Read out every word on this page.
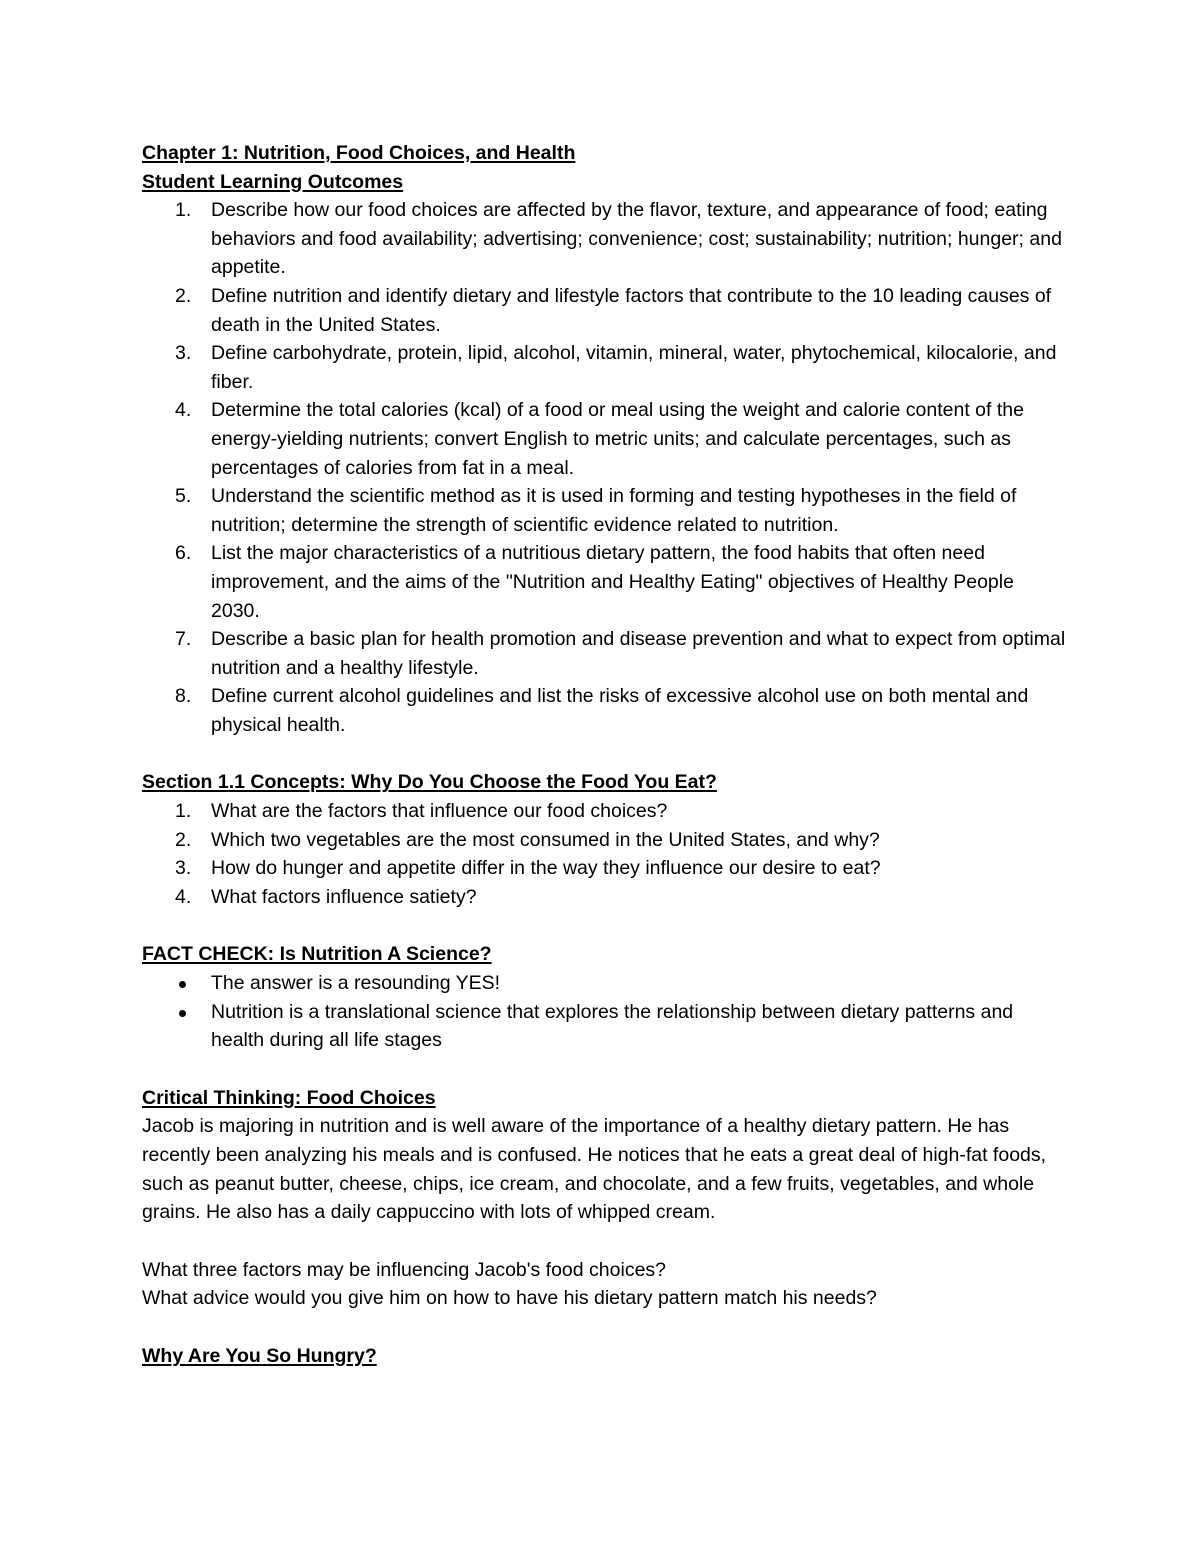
Chapter 1: Nutrition, Food Choices, and Health

Student Learning Outcomes

1. Describe how our food choices are affected by the flavor, texture, and appearance of food; eating behaviors and food availability; advertising; convenience; cost; sustainability; nutrition; hunger; and appetite.
2. Define nutrition and identify dietary and lifestyle factors that contribute to the 10 leading causes of death in the United States.
3. Define carbohydrate, protein, lipid, alcohol, vitamin, mineral, water, phytochemical, kilocalorie, and fiber.
4. Determine the total calories (kcal) of a food or meal using the weight and calorie content of the energy-yielding nutrients; convert English to metric units; and calculate percentages, such as percentages of calories from fat in a meal.
5. Understand the scientific method as it is used in forming and testing hypotheses in the field of nutrition; determine the strength of scientific evidence related to nutrition.
6. List the major characteristics of a nutritious dietary pattern, the food habits that often need improvement, and the aims of the "Nutrition and Healthy Eating" objectives of Healthy People 2030.
7. Describe a basic plan for health promotion and disease prevention and what to expect from optimal nutrition and a healthy lifestyle.
8. Define current alcohol guidelines and list the risks of excessive alcohol use on both mental and physical health.

Section 1.1 Concepts: Why Do You Choose the Food You Eat?

1. What are the factors that influence our food choices?
2. Which two vegetables are the most consumed in the United States, and why?
3. How do hunger and appetite differ in the way they influence our desire to eat?
4. What factors influence satiety?

FACT CHECK: Is Nutrition A Science?

The answer is a resounding YES!
Nutrition is a translational science that explores the relationship between dietary patterns and health during all life stages

Critical Thinking: Food Choices

Jacob is majoring in nutrition and is well aware of the importance of a healthy dietary pattern. He has recently been analyzing his meals and is confused. He notices that he eats a great deal of high-fat foods, such as peanut butter, cheese, chips, ice cream, and chocolate, and a few fruits, vegetables, and whole grains. He also has a daily cappuccino with lots of whipped cream.

What three factors may be influencing Jacob's food choices?

What advice would you give him on how to have his dietary pattern match his needs?

Why Are You So Hungry?
